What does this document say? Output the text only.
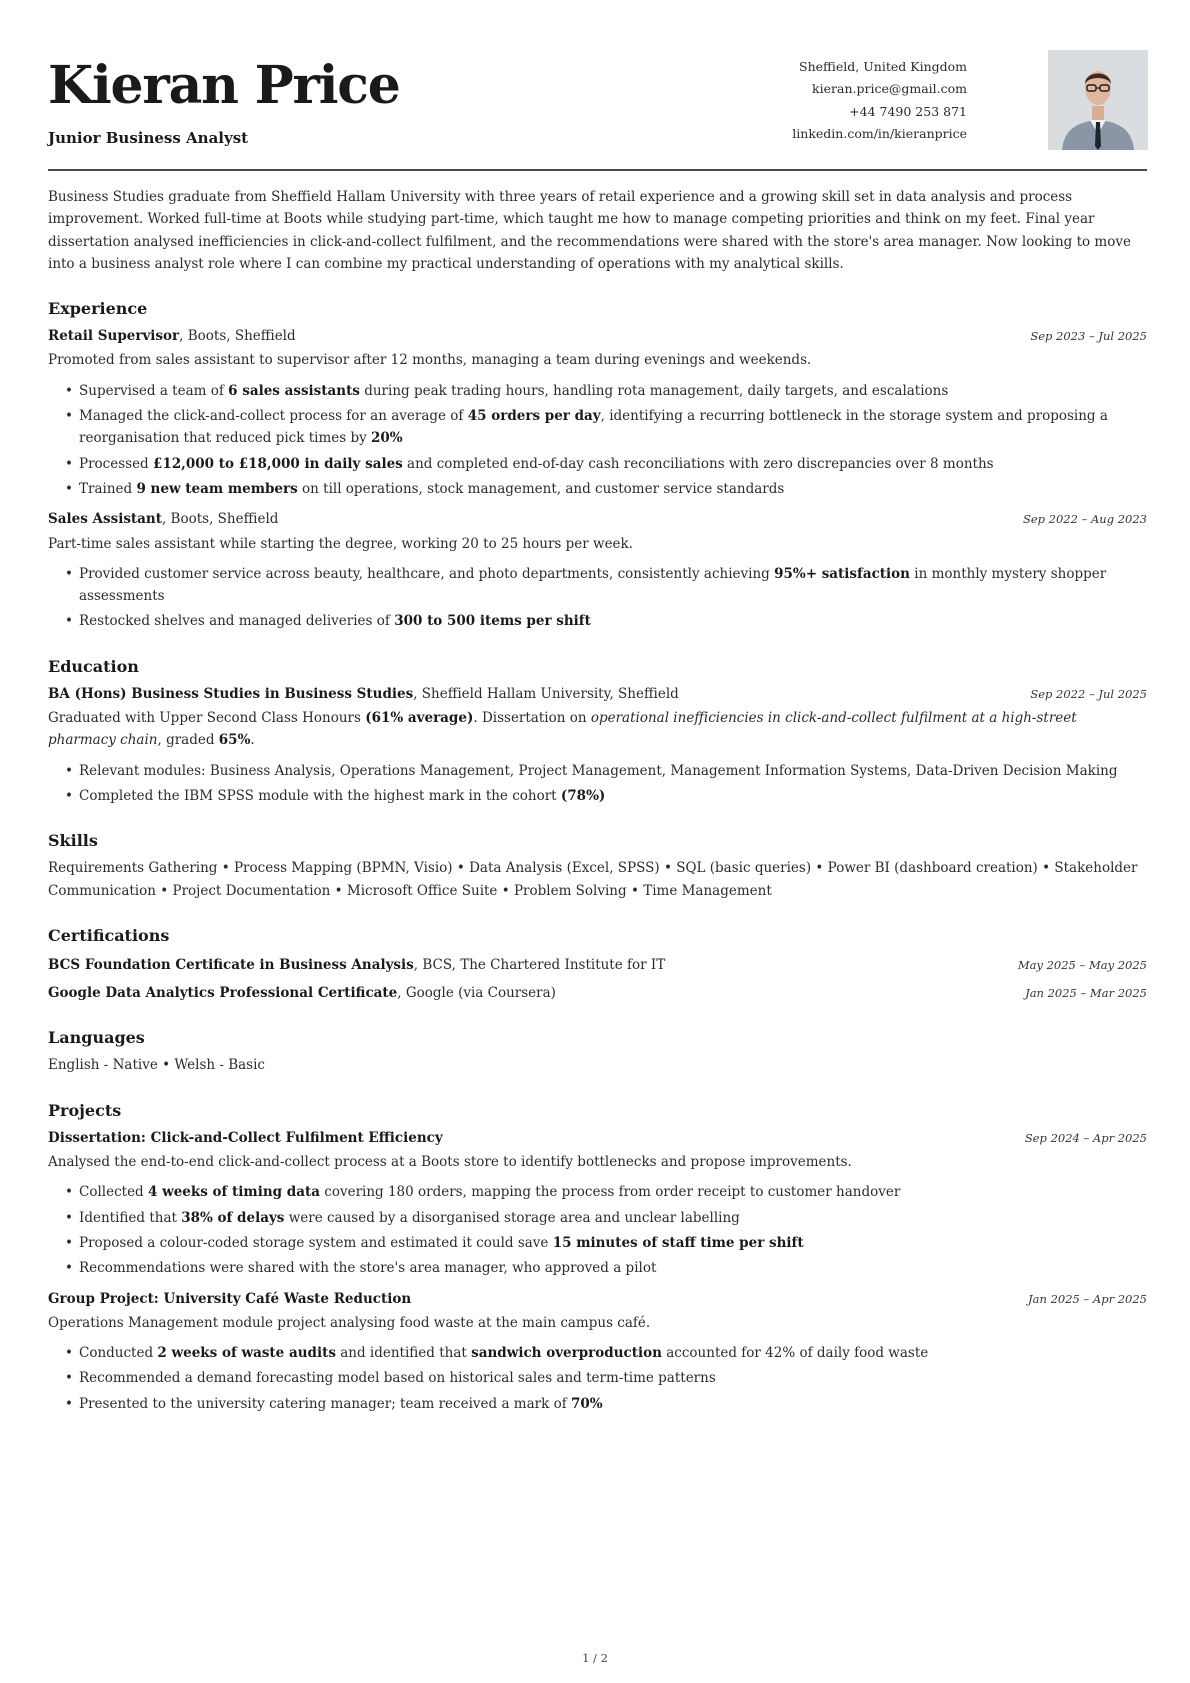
Kieran Price
Junior Business Analyst
Sheffield, United Kingdom
kieran.price@gmail.com
+44 7490 253 871
linkedin.com/in/kieranprice

Business Studies graduate from Sheffield Hallam University with three years of retail experience and a growing skill set in data analysis and process improvement. Worked full-time at Boots while studying part-time, which taught me how to manage competing priorities and think on my feet. Final year dissertation analysed inefficiencies in click-and-collect fulfilment, and the recommendations were shared with the store's area manager. Now looking to move into a business analyst role where I can combine my practical understanding of operations with my analytical skills.

Experience
Retail Supervisor, Boots, Sheffield	Sep 2023 – Jul 2025

Promoted from sales assistant to supervisor after 12 months, managing a team during evenings and weekends.

• Supervised a team of 6 sales assistants during peak trading hours, handling rota management, daily targets, and escalations
• Managed the click-and-collect process for an average of 45 orders per day, identifying a recurring bottleneck in the storage system and proposing a reorganisation that reduced pick times by 20%
• Processed £12,000 to £18,000 in daily sales and completed end-of-day cash reconciliations with zero discrepancies over 8 months
• Trained 9 new team members on till operations, stock management, and customer service standards
Sales Assistant, Boots, Sheffield	Sep 2022 – Aug 2023

Part-time sales assistant while starting the degree, working 20 to 25 hours per week.

• Provided customer service across beauty, healthcare, and photo departments, consistently achieving 95%+ satisfaction in monthly mystery shopper assessments
• Restocked shelves and managed deliveries of 300 to 500 items per shift
Education
BA (Hons) Business Studies in Business Studies, Sheffield Hallam University, Sheffield	Sep 2022 – Jul 2025

Graduated with Upper Second Class Honours (61% average). Dissertation on operational inefficiencies in click-and-collect fulfilment at a high-street pharmacy chain, graded 65%.

• Relevant modules: Business Analysis, Operations Management, Project Management, Management Information Systems, Data-Driven Decision Making
• Completed the IBM SPSS module with the highest mark in the cohort (78%)
Skills

Requirements Gathering • Process Mapping (BPMN, Visio) • Data Analysis (Excel, SPSS) • SQL (basic queries) • Power BI (dashboard creation) • Stakeholder Communication • Project Documentation • Microsoft Office Suite • Problem Solving • Time Management

Certifications
BCS Foundation Certificate in Business Analysis, BCS, The Chartered Institute for IT	May 2025 – May 2025
Google Data Analytics Professional Certificate, Google (via Coursera)	Jan 2025 – Mar 2025
Languages

English - Native • Welsh - Basic

Projects
Dissertation: Click-and-Collect Fulfilment Efficiency	Sep 2024 – Apr 2025

Analysed the end-to-end click-and-collect process at a Boots store to identify bottlenecks and propose improvements.

• Collected 4 weeks of timing data covering 180 orders, mapping the process from order receipt to customer handover
• Identified that 38% of delays were caused by a disorganised storage area and unclear labelling
• Proposed a colour-coded storage system and estimated it could save 15 minutes of staff time per shift
• Recommendations were shared with the store's area manager, who approved a pilot
Group Project: University Café Waste Reduction	Jan 2025 – Apr 2025

Operations Management module project analysing food waste at the main campus café.

• Conducted 2 weeks of waste audits and identified that sandwich overproduction accounted for 42% of daily food waste
• Recommended a demand forecasting model based on historical sales and term-time patterns
• Presented to the university catering manager; team received a mark of 70%
1 / 2
